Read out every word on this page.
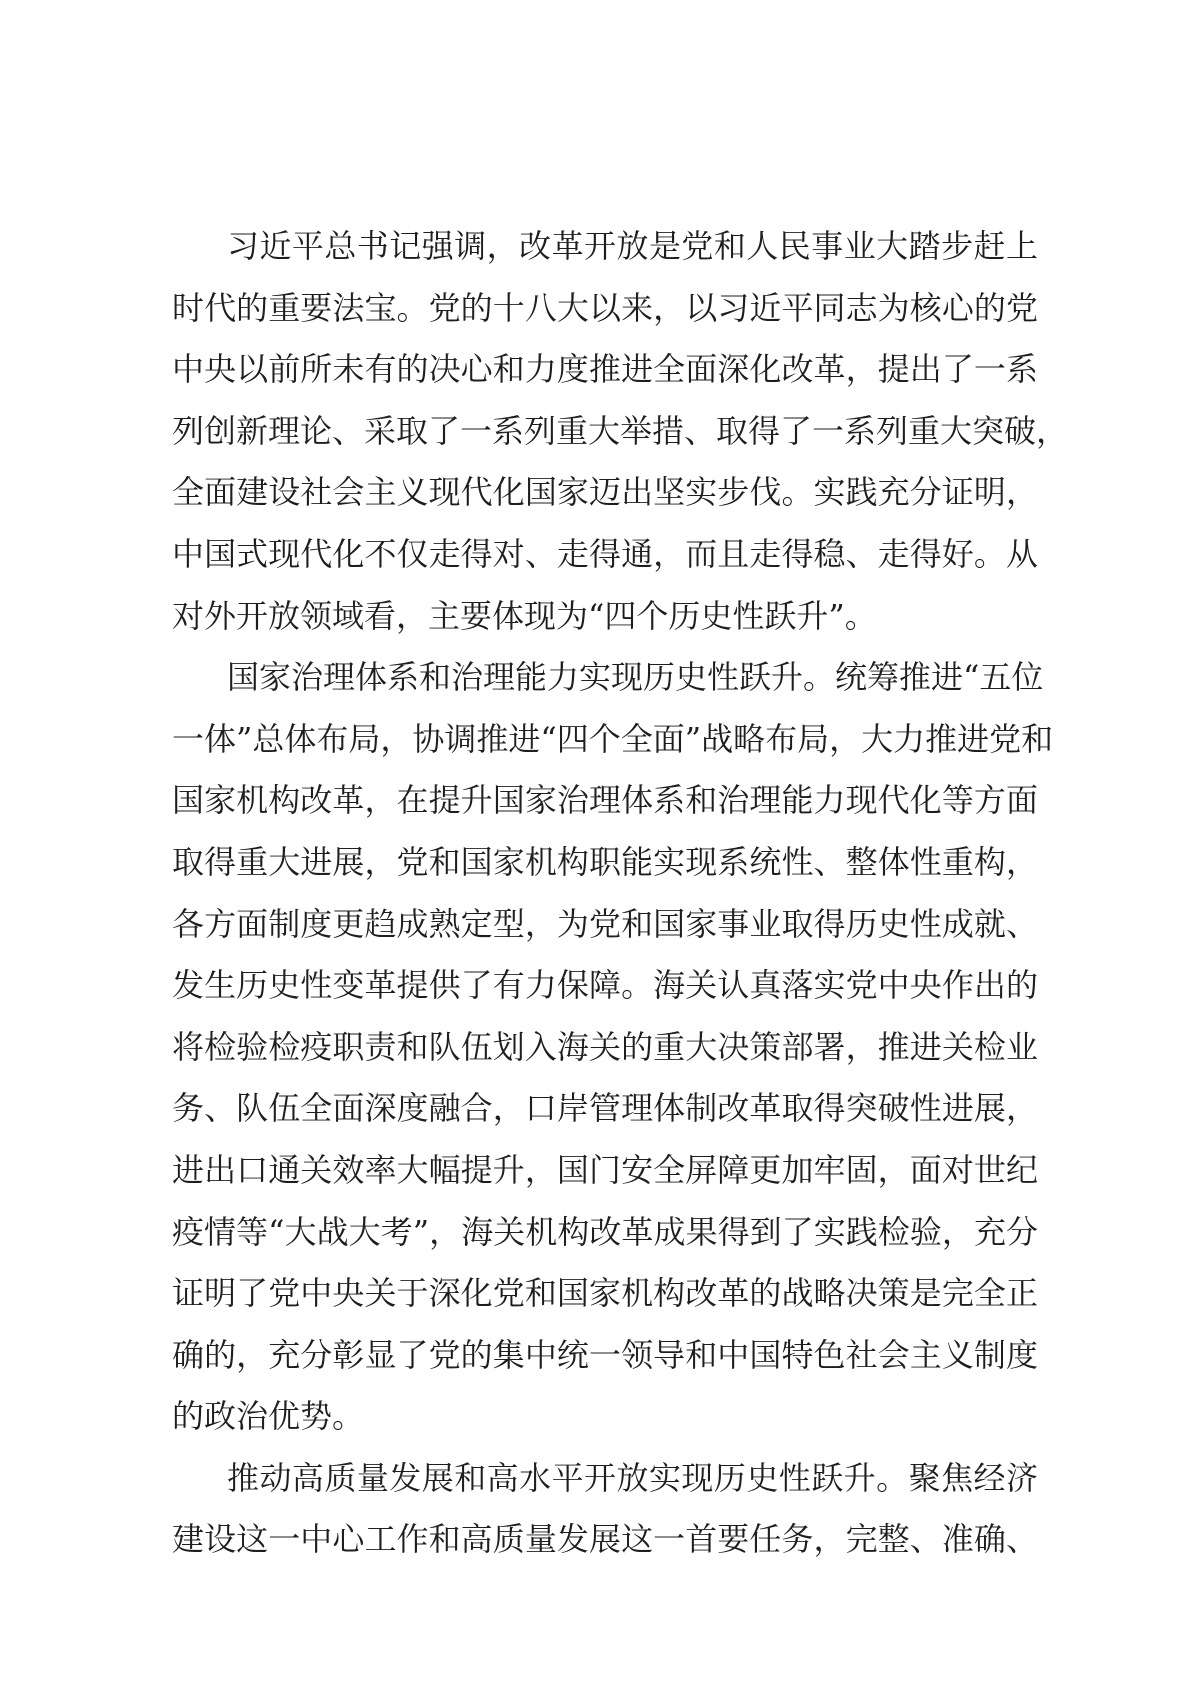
习近平总书记强调，改革开放是党和人民事业大踏步赶上
时代的重要法宝。党的十八大以来，以习近平同志为核心的党
中央以前所未有的决心和力度推进全面深化改革，提出了一系
列创新理论、采取了一系列重大举措、取得了一系列重大突破，
全面建设社会主义现代化国家迈出坚实步伐。实践充分证明，
中国式现代化不仅走得对、走得通，而且走得稳、走得好。从
对外开放领域看，主要体现为“四个历史性跃升”。
国家治理体系和治理能力实现历史性跃升。统筹推进“五位
一体”总体布局，协调推进“四个全面”战略布局，大力推进党和
国家机构改革，在提升国家治理体系和治理能力现代化等方面
取得重大进展，党和国家机构职能实现系统性、整体性重构，
各方面制度更趋成熟定型，为党和国家事业取得历史性成就、
发生历史性变革提供了有力保障。海关认真落实党中央作出的
将检验检疫职责和队伍划入海关的重大决策部署，推进关检业
务、队伍全面深度融合，口岸管理体制改革取得突破性进展，
进出口通关效率大幅提升，国门安全屏障更加牢固，面对世纪
疫情等“大战大考”，海关机构改革成果得到了实践检验，充分
证明了党中央关于深化党和国家机构改革的战略决策是完全正
确的，充分彰显了党的集中统一领导和中国特色社会主义制度
的政治优势。
推动高质量发展和高水平开放实现历史性跃升。聚焦经济
建设这一中心工作和高质量发展这一首要任务，完整、准确、
